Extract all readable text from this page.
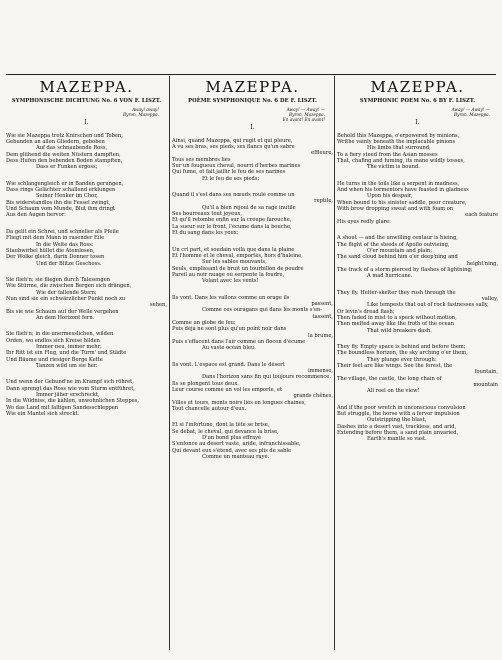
MAZEPPA.
SYMPHONISCHE DICHTUNG No. 6 VON F. LISZT.
Away! away!
Byron, Mazeppa.
I.
Wie sie Mazeppa trotz Knirschen und Toben,
Gebunden an allen Gliedern, geboben
Auf das schnaubende Ross,
Dem glühend die weiten Nüstern dampften,
Dess Hufen den bebenden Boden stampften,
Dass er Funken ergoss;
Wie schlangengleich er in Banden gerungen,
Dass rings Gelächter schallend erklungen
Seiner Henker im Chor,
Bis widerstandlos ihn die Fessel zwingt,
Und Schaum vom Munde, Blut ihm dringt
Aus den Augen hervor:
Da gellt ein Schrei, und schneller als Pfeile
Fliegt mit dem Mann in rasender Eile
In die Weite das Ross:
Staubwirbel hüllet die Atemlosen,
Der Wolke gleich, darin Donner tosen
Und der Blitze Geschoss.
Sie flieh'n; sie fliegen durch Talesengen
Wie Stürme, die zwischen Bergen sich drängen,
Wie der fallende Stern;
Nun sind sie ein schwärzlicher Punkt noch zu
sehen,
Bis sie wie Schaum auf der Welle vergehen
An dem Horizont fern.
Sie flieh'n; in die unermesslichen, wilden
Orden, wo endlos sich Kreise bilden
Immer neu, immer mehr;
Ihr Ritt ist ein Flug, und die Türm' und Städte
Und Bäume und riesiger Berge Kette
Tanzen wild um sie her.
Und wenn der Gebund'ne im Krampf sich röhret,
Dann sprengt das Ross wie vom Sturm entführet,
Immer jäher erschreckt,
In die Wildniss, die kahlen, unwohnlichen Steppes,
Wo das Land mit faltigen Sandesschleppen
Wie ein Mantel sich streckt.
MAZEPPA.
POÈME SYMPHONIQUE No. 6 DE F. LISZT.
Away! — Away! —
Byron, Mazeppa.
En avant! En avant!
I.
Ainsi, quand Mazeppa, qui rugit et qui pleure,
A vu ses bras, ses pieds, ses flancs qu'un sabre
effleure,
Tous ses membres liés
Sur un fougueux cheval, nourri d'herbes marines
Qui fume, et fait jaillir le feu de ses narines
Et le feu de ses pieds;
Quand il s'est dans ses nœuds roulé comme un
reptile,
Qu'il a bien réjoui de sa rage inutile
Ses bourreaux tout joyeux,
Et qu'il retombe enfin sur la croupe farouche,
La sueur sur le front, l'écume dans la bouche,
Et du sang dans les yeux:
Un cri part, et soudain voilà que dans la plaine
Et l'homme et le cheval, emportés, hors d'haleine,
Sur les sables mouvants,
Seuls, emplissant de bruit un tourbillon de poudre
Pareil au noir nuage où serpente la foudre,
Volant avec les vents!
Ils vont. Dans les vallons comme un orage ils
passent,
Comme ces ouragans qui dans les monts s'en-
tassent,
Comme un globe de feu;
Puis déjà ne sont plus qu'un point noir dans
la brume,
Puis s'effacent dans l'air comme un flocon d'écume
Au vaste océan bleu.
Ils vont. L'espace est grand. Dans le désert
immense,
Dans l'horizon sans fin qui toujours recommence.
Ils se plongent tous deux.
Leur course comme un vol les emporte, et
grands chênes,
Villes et tours, monts noirs liés en longues chaînes,
Tout chancelle autour d'eux.
Et si l'infortuné, dont la tête se brise,
Se débat, le cheval, qui devance la brise,
D'un bond plus effrayé
S'enfonce au désert vaste, aride, infranchissable,
Qui devant eux s'étend, avec ses plis de sable
Comme un manteau rayé.
MAZEPPA.
SYMPHONIC POEM No. 6 BY F. LISZT.
Away! — Away! —
Byron, Mazeppa.
I.
Behold this Mazeppa, o'erpowered by minions,
Writhe vainly beneath the implacable pinions
His limbs that surround,
To a fiery steed from the Asian mosses
That, chafing and fuming, its mane wildly tosses,
The victim is bound.
He turns in the toils like a serpent in madness,
And when his tormentors have feasted in gladness
Upon his despair,
When bound to his sinister saddle, poor creature,
With brow dropping sweat and with foam on
each feature
His eyes redly glare:
A shout — and the unwilling centaur is hieing,
The flight of the steeds of Apollo outvieing,
O'er mountain and plain;
The sand cloud behind him o'er deep'ning and
height'ning,
The track of a storm pierced by flashes of lightning;
A mad hurricane.
They fly. Helter-skelter they rush through the
valley,
Like tempests that out of rock fastnesses sally,
Or levin's dread flash;
Then faded in mist to a speck without motion,
Then melted away like the froth of the ocean
That wild breakers dash.
They fly. Empty space is behind and before them;
The boundless horizon, the sky arching o'er them,
They plunge ever through:
Their feet are like wings. See the forest, the
fountain,
The village, the castle, the long chain of
mountain
All reel on the view!
And if the poor wretch in unconscious convulsion
But struggle, the horse with a fervor impulsion
Outstripping the blast,
Dashes into a desert vast, trackless, and arid,
Extending before them, a sand plain unvaried,
Earth's mantle so vast.
